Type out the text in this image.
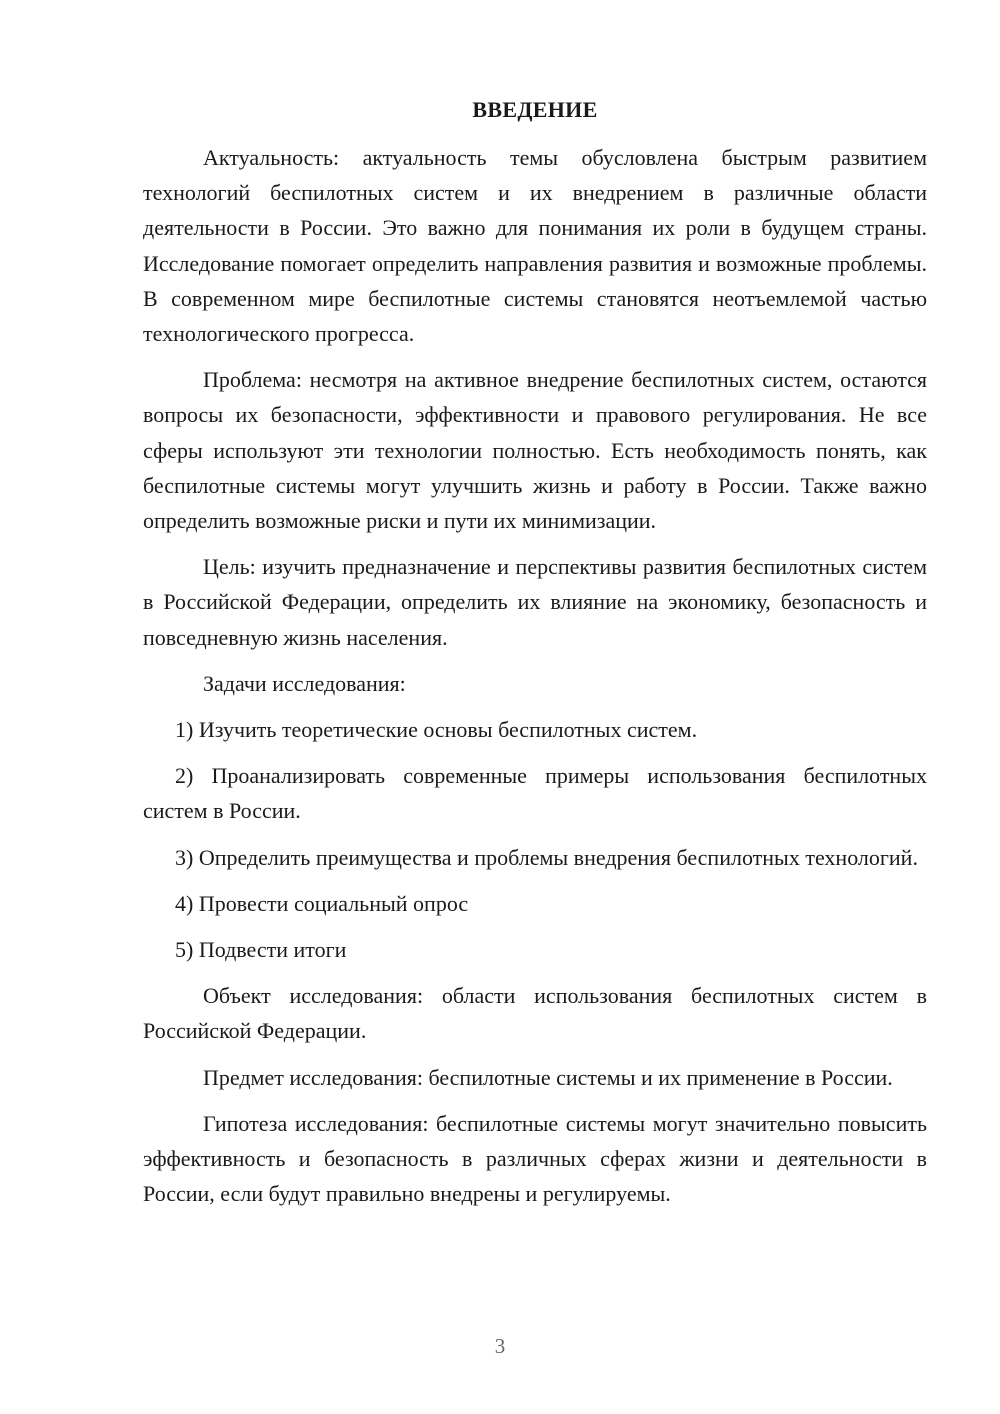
ВВЕДЕНИЕ

Актуальность: актуальность темы обусловлена быстрым развитием технологий беспилотных систем и их внедрением в различные области деятельности в России. Это важно для понимания их роли в будущем страны. Исследование помогает определить направления развития и возможные проблемы. В современном мире беспилотные системы становятся неотъемлемой частью технологического прогресса.

Проблема: несмотря на активное внедрение беспилотных систем, остаются вопросы их безопасности, эффективности и правового регулирования. Не все сферы используют эти технологии полностью. Есть необходимость понять, как беспилотные системы могут улучшить жизнь и работу в России. Также важно определить возможные риски и пути их минимизации.

Цель: изучить предназначение и перспективы развития беспилотных систем в Российской Федерации, определить их влияние на экономику, безопасность и повседневную жизнь населения.

Задачи исследования:

1) Изучить теоретические основы беспилотных систем.

2) Проанализировать современные примеры использования беспилотных систем в России.

3) Определить преимущества и проблемы внедрения беспилотных технологий.

4) Провести социальный опрос

5) Подвести итоги

Объект исследования: области использования беспилотных систем в Российской Федерации.

Предмет исследования: беспилотные системы и их применение в России.

Гипотеза исследования: беспилотные системы могут значительно повысить эффективность и безопасность в различных сферах жизни и деятельности в России, если будут правильно внедрены и регулируемы.

3
